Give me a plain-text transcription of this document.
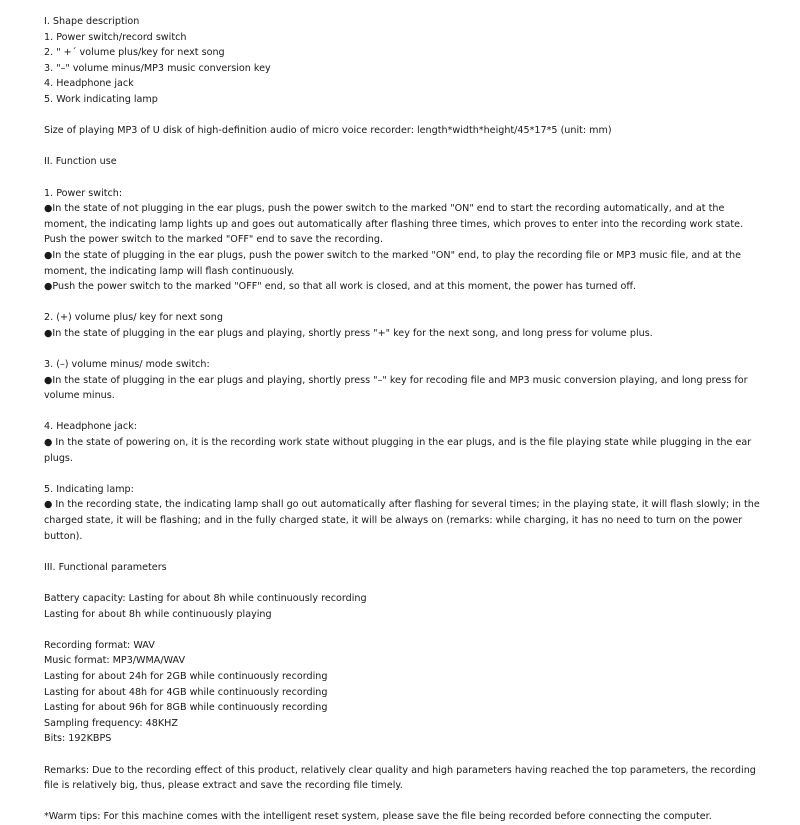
I. Shape description
1. Power switch/record switch
2. " +´ volume plus/key for next song
3. "–" volume minus/MP3 music conversion key
4. Headphone jack
5. Work indicating lamp
Size of playing MP3 of U disk of high-definition audio of micro voice recorder: length*width*height/45*17*5 (unit: mm)
II. Function use
1. Power switch:
●In the state of not plugging in the ear plugs, push the power switch to the marked "ON" end to start the recording automatically, and at the moment, the indicating lamp lights up and goes out automatically after flashing three times, which proves to enter into the recording work state. Push the power switch to the marked "OFF" end to save the recording.
●In the state of plugging in the ear plugs, push the power switch to the marked "ON" end, to play the recording file or MP3 music file, and at the moment, the indicating lamp will flash continuously.
●Push the power switch to the marked "OFF" end, so that all work is closed, and at this moment, the power has turned off.
2. (+) volume plus/ key for next song
●In the state of plugging in the ear plugs and playing, shortly press "+" key for the next song, and long press for volume plus.
3. (–) volume minus/ mode switch:
●In the state of plugging in the ear plugs and playing, shortly press "–" key for recoding file and MP3 music conversion playing, and long press for volume minus.
4. Headphone jack:
● In the state of powering on, it is the recording work state without plugging in the ear plugs, and is the file playing state while plugging in the ear plugs.
5. Indicating lamp:
● In the recording state, the indicating lamp shall go out automatically after flashing for several times; in the playing state, it will flash slowly; in the charged state, it will be flashing; and in the fully charged state, it will be always on (remarks: while charging, it has no need to turn on the power button).
III. Functional parameters
Battery capacity: Lasting for about 8h while continuously recording
Lasting for about 8h while continuously playing
Recording format: WAV
Music format: MP3/WMA/WAV
Lasting for about 24h for 2GB while continuously recording
Lasting for about 48h for 4GB while continuously recording
Lasting for about 96h for 8GB while continuously recording
Sampling frequency: 48KHZ
Bits: 192KBPS
Remarks: Due to the recording effect of this product, relatively clear quality and high parameters having reached the top parameters, the recording file is relatively big, thus, please extract and save the recording file timely.
*Warm tips: For this machine comes with the intelligent reset system, please save the file being recorded before connecting the computer.
